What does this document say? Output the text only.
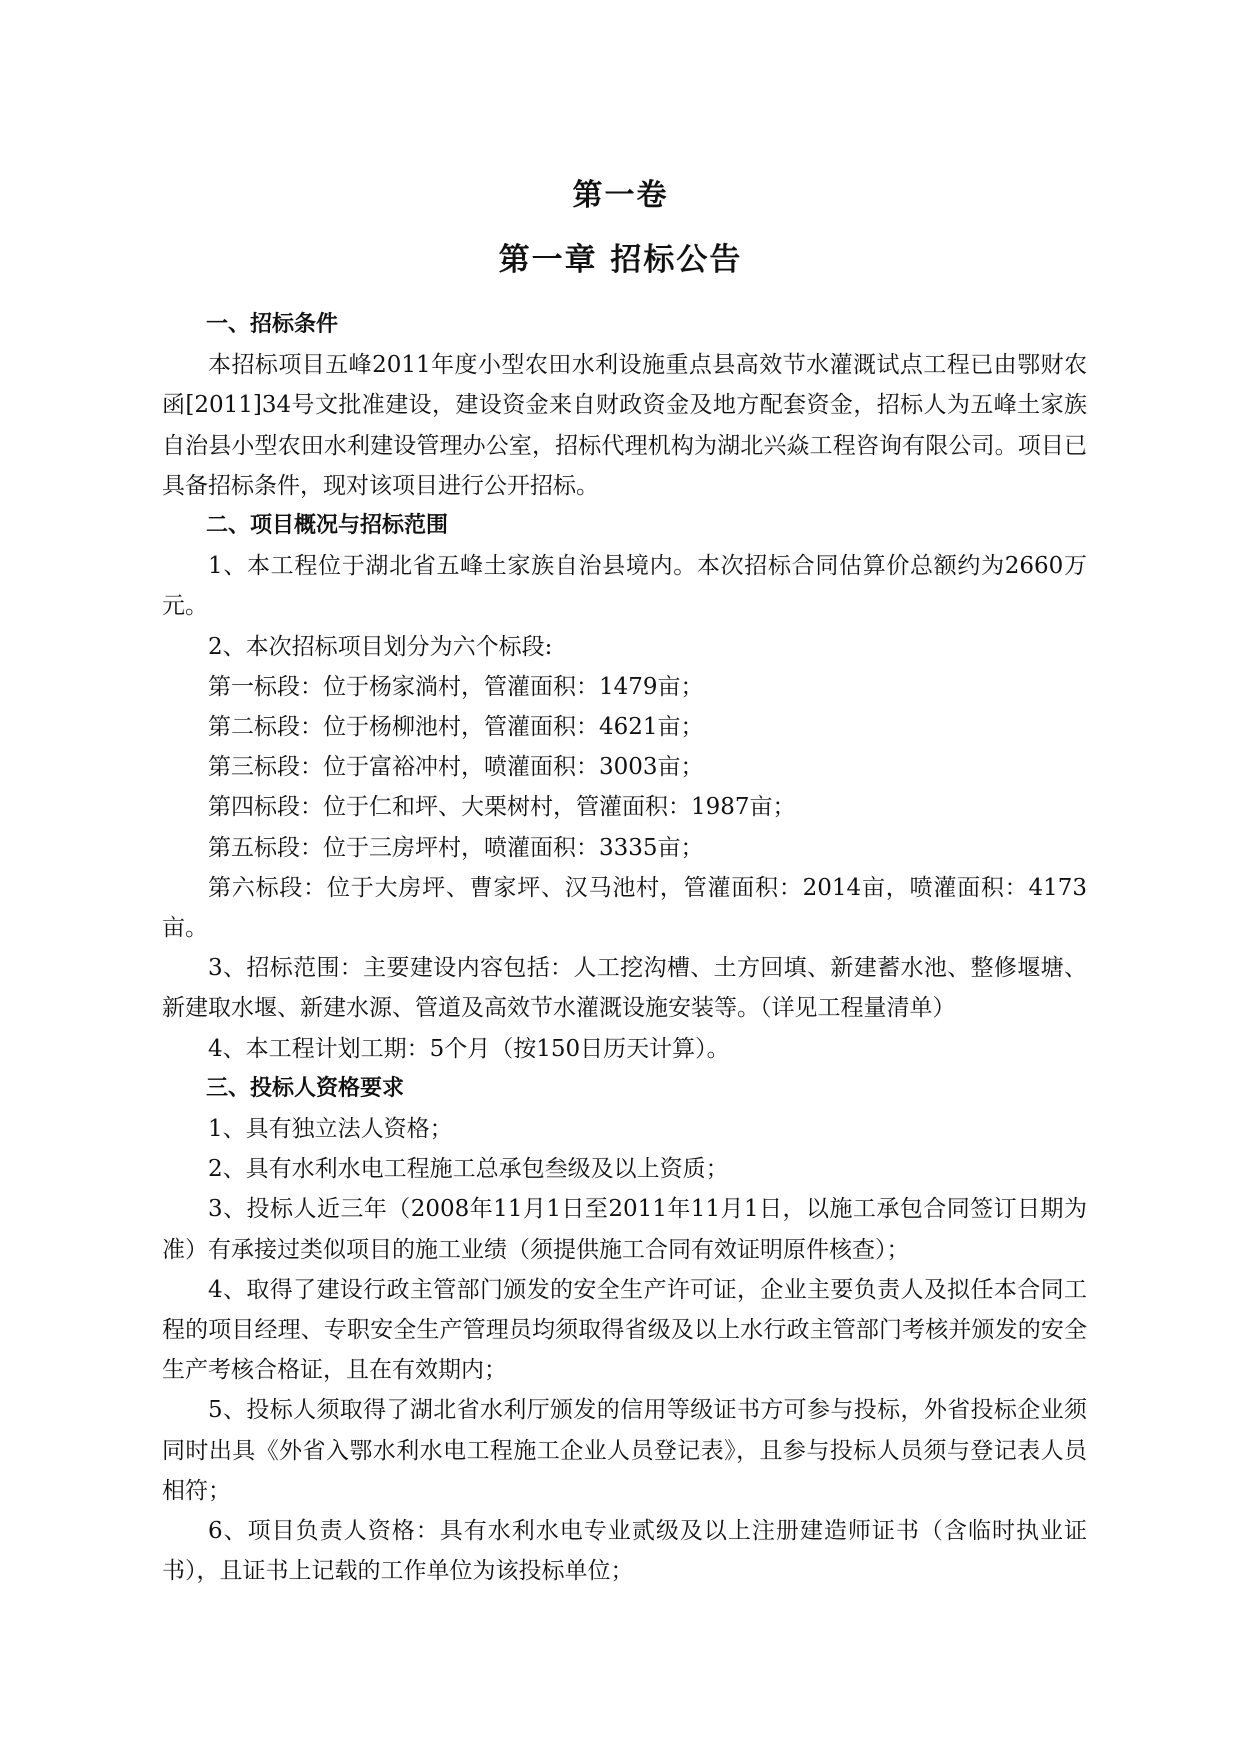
第一卷
第一章 招标公告

一、招标条件

本招标项目五峰2011年度小型农田水利设施重点县高效节水灌溉试点工程已由鄂财农函[2011]34号文批准建设，建设资金来自财政资金及地方配套资金，招标人为五峰土家族自治县小型农田水利建设管理办公室，招标代理机构为湖北兴焱工程咨询有限公司。项目已具备招标条件，现对该项目进行公开招标。

二、项目概况与招标范围

1、本工程位于湖北省五峰土家族自治县境内。本次招标合同估算价总额约为2660万元。

2、本次招标项目划分为六个标段:

第一标段：位于杨家淌村，管灌面积：1479亩；

第二标段：位于杨柳池村，管灌面积：4621亩；

第三标段：位于富裕冲村，喷灌面积：3003亩；

第四标段：位于仁和坪、大栗树村，管灌面积：1987亩；

第五标段：位于三房坪村，喷灌面积：3335亩；

第六标段：位于大房坪、曹家坪、汉马池村，管灌面积：2014亩，喷灌面积：4173亩。

3、招标范围：主要建设内容包括：人工挖沟槽、土方回填、新建蓄水池、整修堰塘、新建取水堰、新建水源、管道及高效节水灌溉设施安装等。（详见工程量清单）

4、本工程计划工期：5个月（按150日历天计算）。

三、投标人资格要求

1、具有独立法人资格；

2、具有水利水电工程施工总承包叁级及以上资质；

3、投标人近三年（2008年11月1日至2011年11月1日，以施工承包合同签订日期为准）有承接过类似项目的施工业绩（须提供施工合同有效证明原件核查）；

4、取得了建设行政主管部门颁发的安全生产许可证，企业主要负责人及拟任本合同工程的项目经理、专职安全生产管理员均须取得省级及以上水行政主管部门考核并颁发的安全生产考核合格证，且在有效期内；

5、投标人须取得了湖北省水利厅颁发的信用等级证书方可参与投标，外省投标企业须同时出具《外省入鄂水利水电工程施工企业人员登记表》，且参与投标人员须与登记表人员相符；

6、项目负责人资格：具有水利水电专业贰级及以上注册建造师证书（含临时执业证书），且证书上记载的工作单位为该投标单位；
